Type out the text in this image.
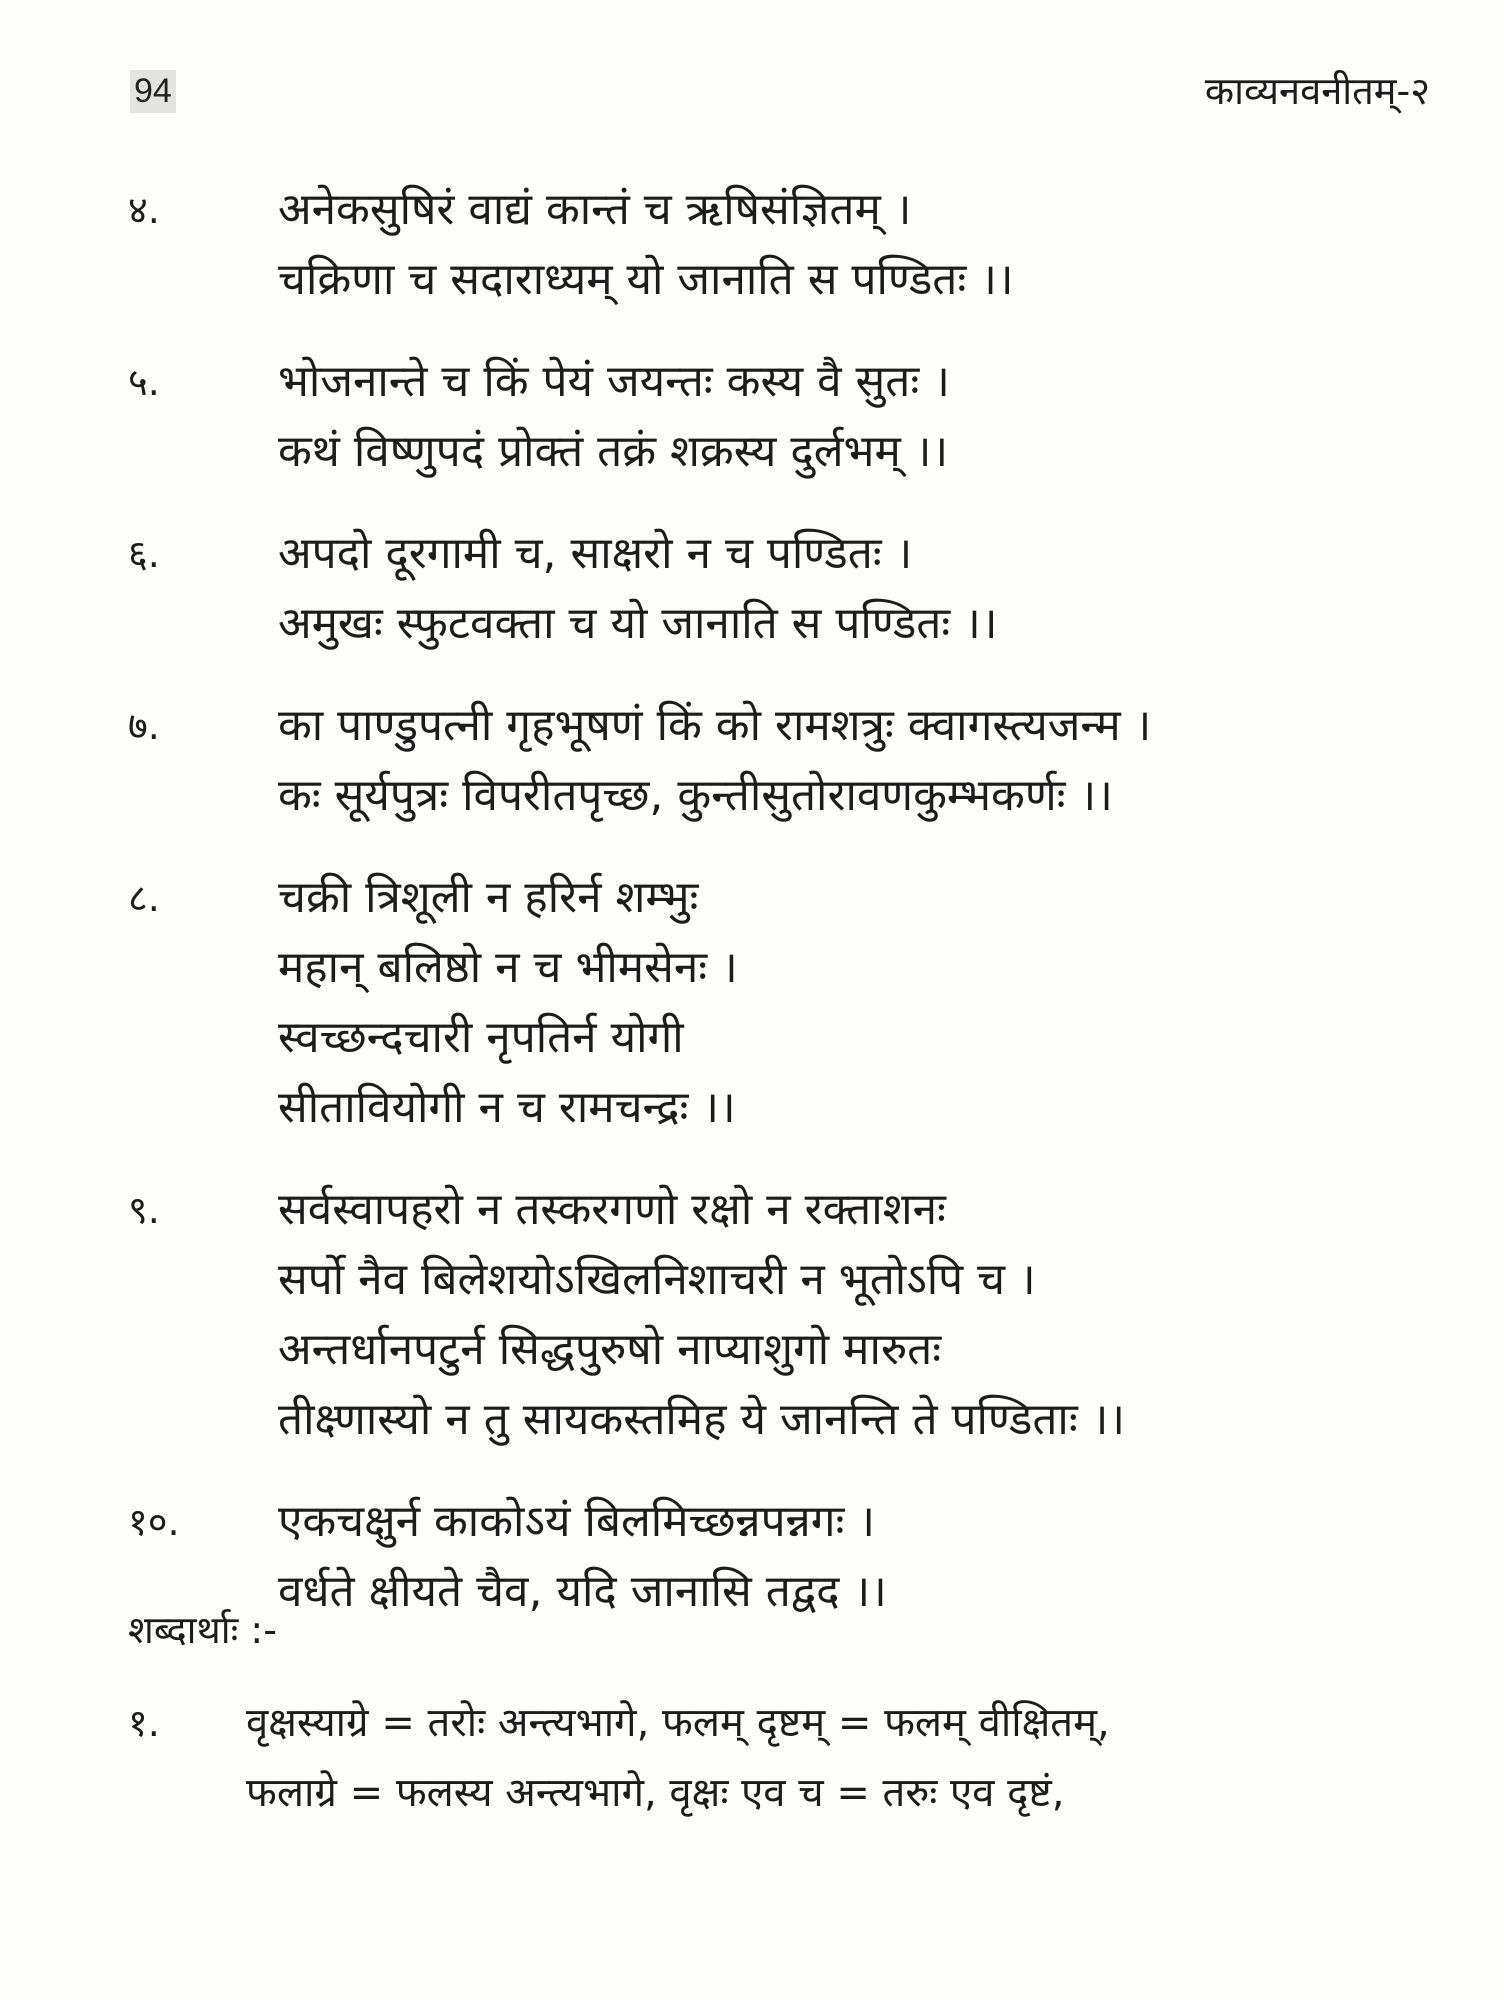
94	काव्यनवनीतम्-२
४.	अनेकसुषिरं वाद्यं कान्तं च ऋषिसंज्ञितम् ।
चक्रिणा च सदाराध्यम् यो जानाति स पण्डितः ।।
५.	भोजनान्ते च किं पेयं जयन्तः कस्य वै सुतः ।
कथं विष्णुपदं प्रोक्तं तक्रं शक्रस्य दुर्लभम् ।।
६.	अपदो दूरगामी च, साक्षरो न च पण्डितः ।
अमुखः स्फुटवक्ता च यो जानाति स पण्डितः ।।
७.	का पाण्डुपत्नी गृहभूषणं किं को रामशत्रुः क्वागस्त्यजन्म ।
कः सूर्यपुत्रः विपरीतपृच्छ, कुन्तीसुतोरावणकुम्भकर्णः ।।
८.	चक्री त्रिशूली न हरिर्न शम्भुः
महान् बलिष्ठो न च भीमसेनः ।
स्वच्छन्दचारी नृपतिर्न योगी
सीतावियोगी न च रामचन्द्रः ।।
९.	सर्वस्वापहरो न तस्करगणो रक्षो न रक्ताशनः
सर्पो नैव बिलेशयोऽखिलनिशाचरी न भूतोऽपि च ।
अन्तर्धानपटुर्न सिद्धपुरुषो नाप्याशुगो मारुतः
तीक्ष्णास्यो न तु सायकस्तमिह ये जानन्ति ते पण्डिताः ।।
१०. एकचक्षुर्न काकोऽयं बिलमिच्छन्नपन्नगः ।
वर्धते क्षीयते चैव, यदि जानासि तद्वद ।।
शब्दार्थाः :-
१. वृक्षस्याग्रे = तरोः अन्त्यभागे, फलम् दृष्टम् = फलम् वीक्षितम्,
फलाग्रे = फलस्य अन्त्यभागे, वृक्षः एव च = तरुः एव दृष्टं,
